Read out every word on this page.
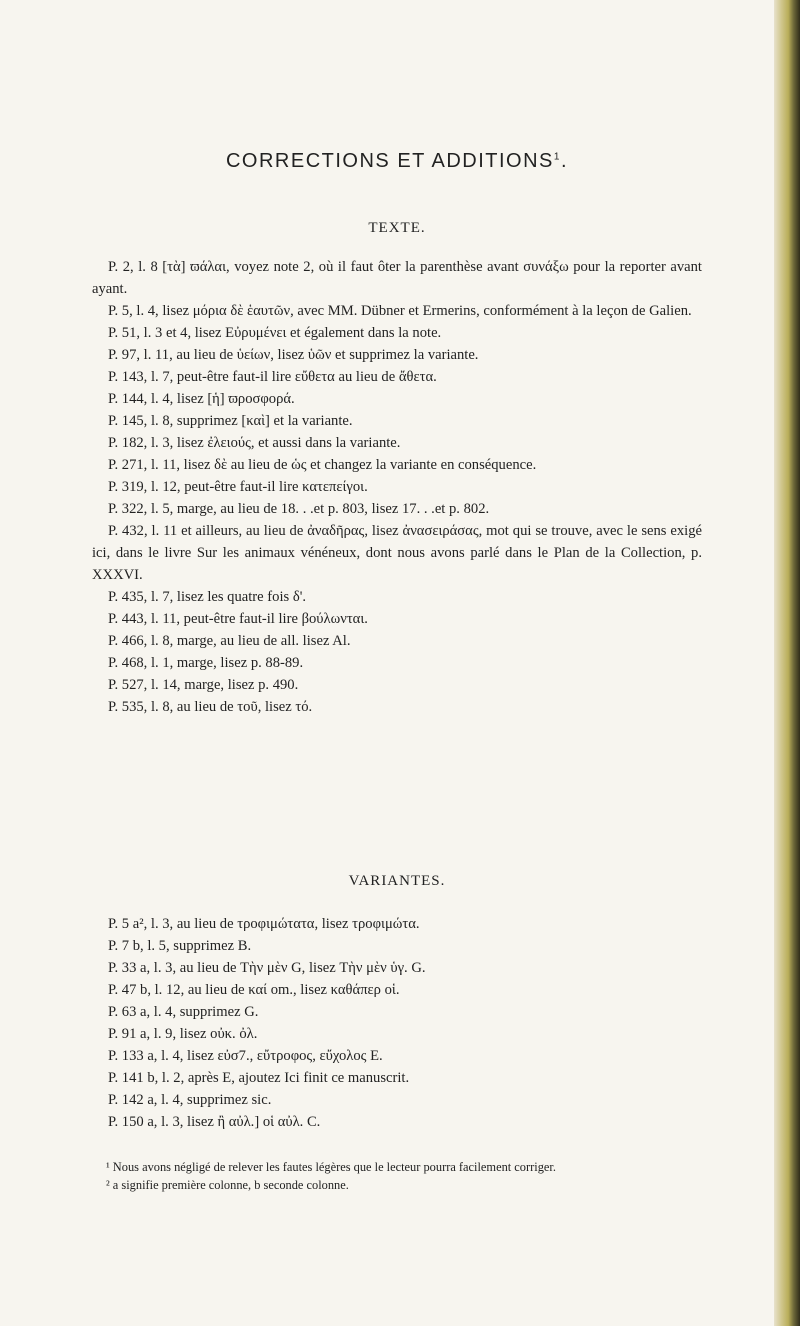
CORRECTIONS ET ADDITIONS$^1$.
TEXTE.
P. 2, l. 8 [τὰ] ϖάλαι, voyez note 2, où il faut ôter la parenthèse avant συνάξω pour la reporter avant ayant.
P. 5, l. 4, lisez μόρια δὲ ἑαυτῶν, avec MM. Dübner et Ermerins, conformément à la leçon de Galien.
P. 51, l. 3 et 4, lisez Εὐρυμένει et également dans la note.
P. 97, l. 11, au lieu de ὑείων, lisez ὑῶν et supprimez la variante.
P. 143, l. 7, peut-être faut-il lire εὔθετα au lieu de ἄθετα.
P. 144, l. 4, lisez [ἡ] ϖροσφορά.
P. 145, l. 8, supprimez [καὶ] et la variante.
P. 182, l. 3, lisez ἐλειούς, et aussi dans la variante.
P. 271, l. 11, lisez δὲ au lieu de ὡς et changez la variante en conséquence.
P. 319, l. 12, peut-être faut-il lire κατεπείγοι.
P. 322, l. 5, marge, au lieu de 18. . .et p. 803, lisez 17. . .et p. 802.
P. 432, l. 11 et ailleurs, au lieu de ἀναδῆρας, lisez ἀνασειράσας, mot qui se trouve, avec le sens exigé ici, dans le livre Sur les animaux vénéneux, dont nous avons parlé dans le Plan de la Collection, p. XXXVI.
P. 435, l. 7, lisez les quatre fois δ'.
P. 443, l. 11, peut-être faut-il lire βούλωνται.
P. 466, l. 8, marge, au lieu de all. lisez Al.
P. 468, l. 1, marge, lisez p. 88-89.
P. 527, l. 14, marge, lisez p. 490.
P. 535, l. 8, au lieu de τοῦ, lisez τό.
VARIANTES.
P. 5 a², l. 3, au lieu de τροφιμώτατα, lisez τροφιμώτα.
P. 7 b, l. 5, supprimez B.
P. 33 a, l. 3, au lieu de Τὴν μὲν G, lisez Τὴν μὲν ὑγ. G.
P. 47 b, l. 12, au lieu de καί om., lisez καθάπερ οἱ.
P. 63 a, l. 4, supprimez G.
P. 91 a, l. 9, lisez οὐκ. ὀλ.
P. 133 a, l. 4, lisez εὐσ7., εὔτροφος, εὔχολος E.
P. 141 b, l. 2, après E, ajoutez Ici finit ce manuscrit.
P. 142 a, l. 4, supprimez sic.
P. 150 a, l. 3, lisez ἢ αὐλ.] οἱ αὐλ. C.
¹ Nous avons négligé de relever les fautes légères que le lecteur pourra facilement corriger.
² a signifie première colonne, b seconde colonne.
